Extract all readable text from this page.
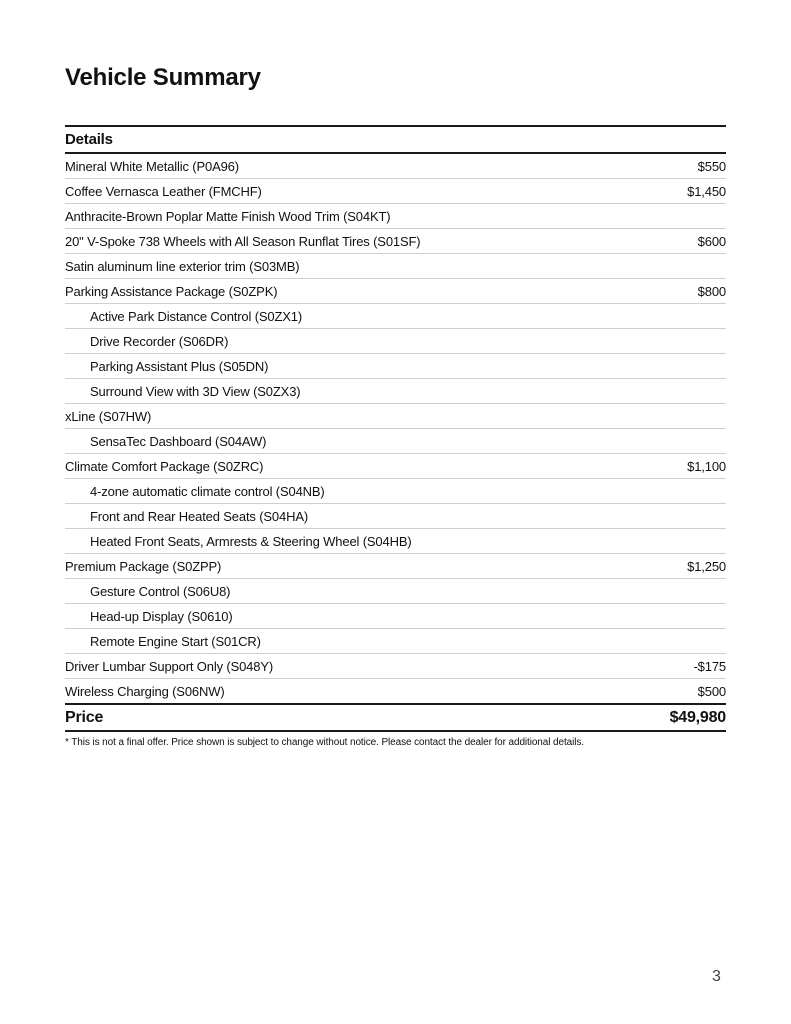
Vehicle Summary
Details
Mineral White Metallic (P0A96)	$550
Coffee Vernasca Leather (FMCHF)	$1,450
Anthracite-Brown Poplar Matte Finish Wood Trim (S04KT)
20" V-Spoke 738 Wheels with All Season Runflat Tires (S01SF)	$600
Satin aluminum line exterior trim (S03MB)
Parking Assistance Package (S0ZPK)	$800
Active Park Distance Control (S0ZX1)
Drive Recorder (S06DR)
Parking Assistant Plus (S05DN)
Surround View with 3D View (S0ZX3)
xLine (S07HW)
SensaTec Dashboard (S04AW)
Climate Comfort Package (S0ZRC)	$1,100
4-zone automatic climate control (S04NB)
Front and Rear Heated Seats (S04HA)
Heated Front Seats, Armrests & Steering Wheel (S04HB)
Premium Package (S0ZPP)	$1,250
Gesture Control (S06U8)
Head-up Display (S0610)
Remote Engine Start (S01CR)
Driver Lumbar Support Only (S048Y)	-$175
Wireless Charging (S06NW)	$500
Price	$49,980
* This is not a final offer. Price shown is subject to change without notice. Please contact the dealer for additional details.
3
